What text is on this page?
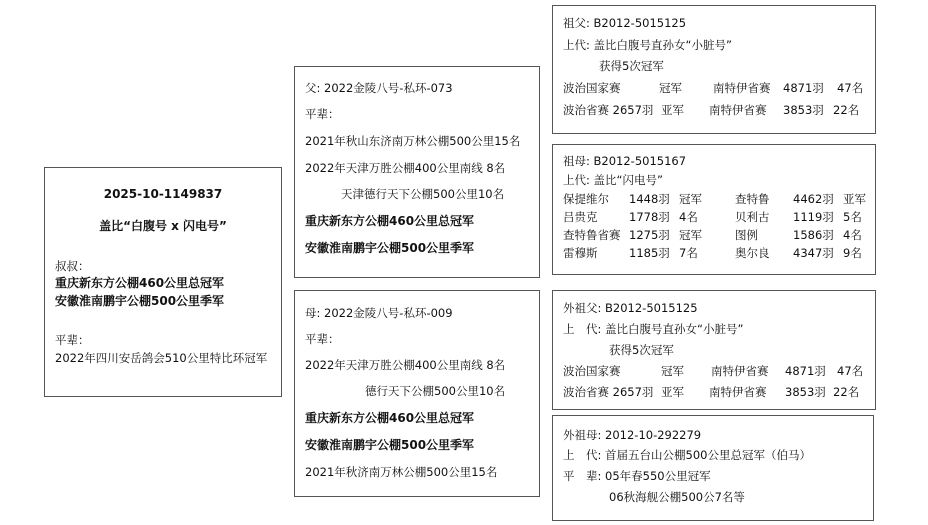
2025-10-1149837
盖比“白腹号 x 闪电号”
叔叔：
重庆新东方公棚460公里总冠军
安徽淮南鹏宇公棚500公里季军
平辈：
2022年四川安岳鸽会510公里特比环冠军
父: 2022金陵八号-私环-073
平辈：
2021年秋山东济南万林公棚500公里15名
2022年天津万胜公棚400公里南线 8名
天津德行天下公棚500公里10名
重庆新东方公棚460公里总冠军
安徽淮南鹏宇公棚500公里季军
母: 2022金陵八号-私环-009
平辈：
2022年天津万胜公棚400公里南线 8名
德行天下公棚500公里10名
重庆新东方公棚460公里总冠军
安徽淮南鹏宇公棚500公里季军
2021年秋济南万林公棚500公里15名
祖父: B2012-5015125
上代: 盖比白腹号直孙女“小脏号”
获得5次冠军
波治国家赛	冠军	南特伊省赛 4871羽 47名
波治省赛 2657羽 亚军 南特伊省赛 3853羽 22名
祖母: B2012-5015167
上代: 盖比“闪电号”
保提维尔 1448羽 冠军	查特鲁 4462羽 亚军
吕贵克	1778羽 4名	贝利古 1119羽 5名
查特鲁省赛 1275羽 冠军	图例	1586羽 4名
雷穆斯	1185羽 7名	奥尔良 4347羽 9名
外祖父: B2012-5015125
上　代: 盖比白腹号直孙女“小脏号”
获得5次冠军
波治国家赛	冠军 南特伊省赛 4871羽 47名
波治省赛 2657羽 亚军 南特伊省赛 3853羽 22名
外祖母: 2012-10-292279
上　代: 首届五台山公棚500公里总冠军（伯马）
平　辈: 05年春550公里冠军
06秋海舰公棚500公7名等
